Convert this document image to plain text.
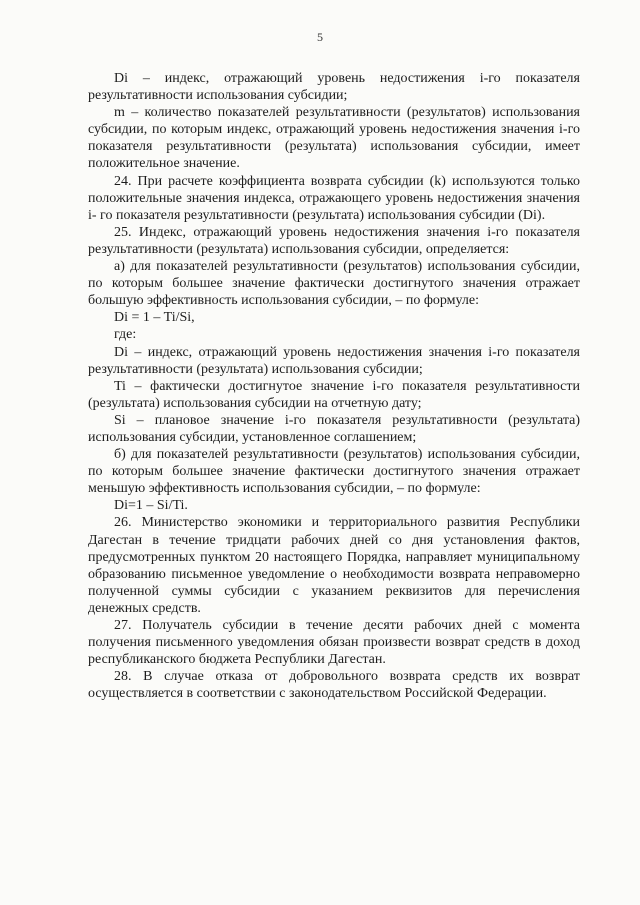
5

Di – индекс, отражающий уровень недостижения i-го показателя результативности использования субсидии;

m – количество показателей результативности (результатов) использования субсидии, по которым индекс, отражающий уровень недостижения значения i-го показателя результативности (результата) использования субсидии, имеет положительное значение.

24. При расчете коэффициента возврата субсидии (k) используются только положительные значения индекса, отражающего уровень недостижения значения i- го показателя результативности (результата) использования субсидии (Di).

25. Индекс, отражающий уровень недостижения значения i-го показателя результативности (результата) использования субсидии, определяется:

а) для показателей результативности (результатов) использования субсидии, по которым большее значение фактически достигнутого значения отражает большую эффективность использования субсидии, – по формуле:

Di = 1 – Ti/Si,

где:

Di – индекс, отражающий уровень недостижения значения i-го показателя результативности (результата) использования субсидии;

Ti – фактически достигнутое значение i-го показателя результативности (результата) использования субсидии на отчетную дату;

Si – плановое значение i-го показателя результативности (результата) использования субсидии, установленное соглашением;

б) для показателей результативности (результатов) использования субсидии, по которым большее значение фактически достигнутого значения отражает меньшую эффективность использования субсидии, – по формуле:

Di=1 – Si/Ti.

26. Министерство экономики и территориального развития Республики Дагестан в течение тридцати рабочих дней со дня установления фактов, предусмотренных пунктом 20 настоящего Порядка, направляет муниципальному образованию письменное уведомление о необходимости возврата неправомерно полученной суммы субсидии с указанием реквизитов для перечисления денежных средств.

27. Получатель субсидии в течение десяти рабочих дней с момента получения письменного уведомления обязан произвести возврат средств в доход республиканского бюджета Республики Дагестан.

28. В случае отказа от добровольного возврата средств их возврат осуществляется в соответствии с законодательством Российской Федерации.
